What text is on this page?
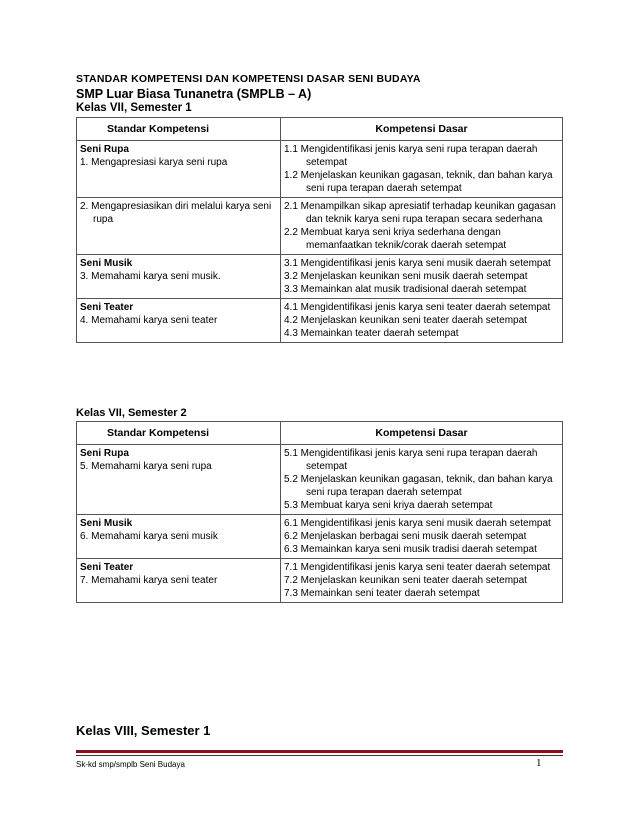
STANDAR KOMPETENSI DAN KOMPETENSI DASAR SENI BUDAYA
SMP Luar Biasa Tunanetra (SMPLB – A)
Kelas VII, Semester 1
Standar Kompetensi	Kompetensi Dasar

Seni Rupa
1. Mengapresiasi karya seni rupa	1.1 Mengidentifikasi jenis karya seni rupa terapan daerah setempat
1.2 Menjelaskan keunikan gagasan, teknik, dan bahan karya seni rupa terapan daerah setempat

2. Mengapresiasikan diri melalui karya seni rupa	2.1 Menampilkan sikap apresiatif terhadap keunikan gagasan dan teknik karya seni rupa terapan secara sederhana
2.2 Membuat karya seni kriya sederhana dengan memanfaatkan teknik/corak daerah setempat

Seni Musik
3. Memahami karya seni musik.	3.1 Mengidentifikasi jenis karya seni musik daerah setempat
3.2 Menjelaskan keunikan seni musik daerah setempat
3.3 Memainkan alat musik tradisional daerah setempat

Seni Teater
4. Memahami karya seni teater	4.1 Mengidentifikasi jenis karya seni teater daerah setempat
4.2 Menjelaskan keunikan seni teater daerah setempat
4.3 Memainkan teater daerah setempat
Kelas VII, Semester 2
Standar Kompetensi	Kompetensi Dasar

Seni Rupa
5. Memahami karya seni rupa	5.1 Mengidentifikasi jenis karya seni rupa terapan daerah setempat
5.2 Menjelaskan keunikan gagasan, teknik, dan bahan karya seni rupa terapan daerah setempat
5.3 Membuat karya seni kriya daerah setempat

Seni Musik
6. Memahami karya seni musik	6.1 Mengidentifikasi jenis karya seni musik daerah setempat
6.2 Menjelaskan berbagai seni musik daerah setempat
6.3 Memainkan karya seni musik tradisi daerah setempat

Seni Teater
7. Memahami karya seni teater	7.1 Mengidentifikasi jenis karya seni teater daerah setempat
7.2 Menjelaskan keunikan seni teater daerah setempat
7.3 Memainkan seni teater daerah setempat
Kelas VIII, Semester 1
Sk-kd smp/smplb Seni Budaya	1
